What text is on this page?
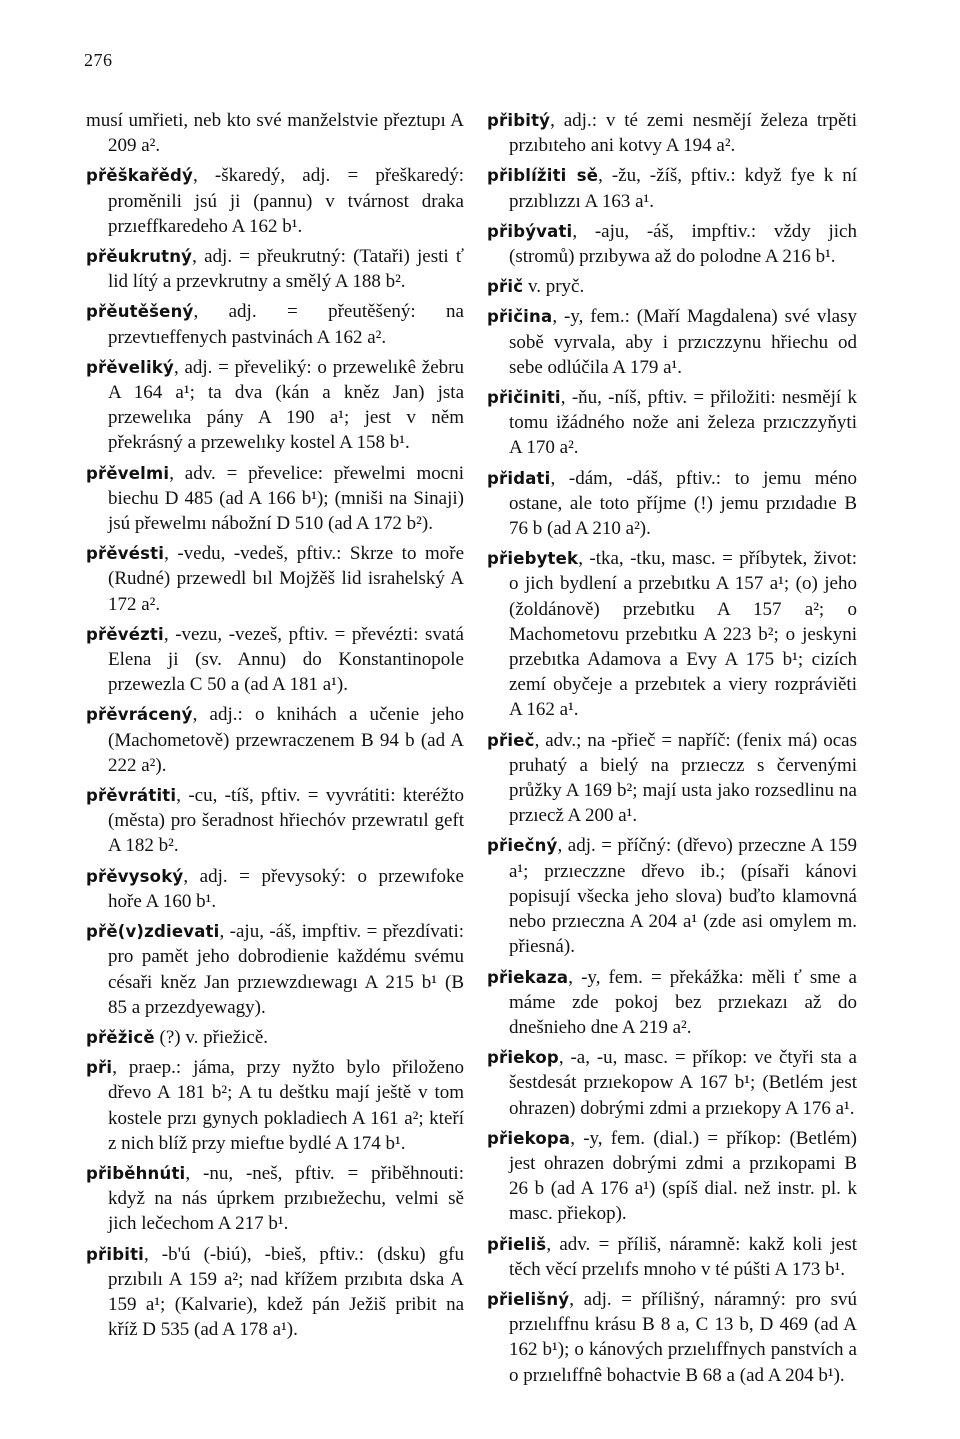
276

musí umřieti, neb kto své manželstvie přeztupı A 209 a².

přěškařědý, -škaredý, adj. = přeškaredý: proměnili jsú ji (pannu) v tvárnost draka przıeffkaredeho A 162 b¹.

přěukrutný, adj. = přeukrutný: (Tataři) jesti ť lid lítý a przevkrutny a smělý A 188 b².

přěutěšený, adj. = přeutěšený: na przevtıeffenych pastvinách A 162 a².

přěveliký, adj. = převeliký: o przewelıkê žebru A 164 a¹; ta dva (kán a kněz Jan) jsta przewelıka pány A 190 a¹; jest v něm překrásný a przewelıky kostel A 158 b¹.

přěvelmi, adv. = převelice: přewelmi mocni biechu D 485 (ad A 166 b¹); (mniši na Sinaji) jsú přewelmı nábožní D 510 (ad A 172 b²).

přěvésti, -vedu, -vedeš, pftiv.: Skrze to moře (Rudné) przewedl bıl Mojžěš lid israhelský A 172 a².

přěvézti, -vezu, -vezeš, pftiv. = převézti: svatá Elena ji (sv. Annu) do Konstantinopole przewezla C 50 a (ad A 181 a¹).

přěvrácený, adj.: o knihách a učenie jeho (Machometově) przewraczenem B 94 b (ad A 222 a²).

přěvrátiti, -cu, -tíš, pftiv. = vyvrátiti: kteréžto (města) pro šeradnost hřiechóv przewratıl geft A 182 b².

přěvysoký, adj. = převysoký: o przewıfoke hoře A 160 b¹.

přě(v)zdievati, -aju, -áš, impftiv. = přezdívati: pro pamět jeho dobrodienie každému svému césaři kněz Jan przıewzdıewagı A 215 b¹ (B 85 a przezdyewagy).

přěžicě (?) v. přiežicě.

při, praep.: jáma, przy nyžto bylo přiloženo dřevo A 181 b²; A tu deštku mají ještě v tom kostele przı gynych pokladiech A 161 a²; kteří z nich blíž przy mieftıe bydlé A 174 b¹.

přiběhnúti, -nu, -neš, pftiv. = přiběhnouti: když na nás úprkem przıbıežechu, velmi sě jich lečechom A 217 b¹.

přibiti, -b'ú (-biú), -bieš, pftiv.: (dsku) gfu przıbılı A 159 a²; nad křížem przıbıta dska A 159 a¹; (Kalvarie), kdež pán Ježiš pribit na kříž D 535 (ad A 178 a¹).

přibitý, adj.: v té zemi nesmějí železa trpěti przıbıteho ani kotvy A 194 a².

přiblížiti sě, -žu, -žíš, pftiv.: když fye k ní przıblızzı A 163 a¹.

přibývati, -aju, -áš, impftiv.: vždy jich (stromů) przıbywa až do polodne A 216 b¹.

přič v. pryč.

přičina, -y, fem.: (Maří Magdalena) své vlasy sobě vyrvala, aby i przıczzynu hřiechu od sebe odlúčila A 179 a¹.

přičiniti, -ňu, -níš, pftiv. = přiložiti: nesmějí k tomu ižádného nože ani železa przıczzyňyti A 170 a².

přidati, -dám, -dáš, pftiv.: to jemu méno ostane, ale toto příjme (!) jemu przıdadıe B 76 b (ad A 210 a²).

přiebytek, -tka, -tku, masc. = příbytek, život: o jich bydlení a przebıtku A 157 a¹; (o) jeho (žoldánově) przebıtku A 157 a²; o Machometovu przebıtku A 223 b²; o jeskyni przebıtka Adamova a Evy A 175 b¹; cizích zemí obyčeje a przebıtek a viery rozpráviěti A 162 a¹.

přieč, adv.; na -přieč = napříč: (fenix má) ocas pruhatý a bielý na przıeczz s červenými průžky A 169 b²; mají usta jako rozsedlinu na przıecž A 200 a¹.

přiečný, adj. = příčný: (dřevo) przeczne A 159 a¹; przıeczzne dřevo ib.; (písaři kánovi popisují všecka jeho slova) buďto klamovná nebo przıeczna A 204 a¹ (zde asi omylem m. přiesná).

přiekaza, -y, fem. = překážka: měli ť sme a máme zde pokoj bez przıekazı až do dnešnieho dne A 219 a².

přiekop, -a, -u, masc. = příkop: ve čtyři sta a šestdesát przıekopow A 167 b¹; (Betlém jest ohrazen) dobrými zdmi a przıekopy A 176 a¹.

přiekopa, -y, fem. (dial.) = příkop: (Betlém) jest ohrazen dobrými zdmi a przıkopami B 26 b (ad A 176 a¹) (spíš dial. než instr. pl. k masc. přiekop).

přieliš, adv. = příliš, náramně: kakž koli jest těch věcí przelıfs mnoho v té púšti A 173 b¹.

přielišný, adj. = přílišný, náramný: pro svú przıelıffnu krásu B 8 a, C 13 b, D 469 (ad A 162 b¹); o kánových przıelıffnych panstvích a o przıelıffnê bohactvie B 68 a (ad A 204 b¹).
